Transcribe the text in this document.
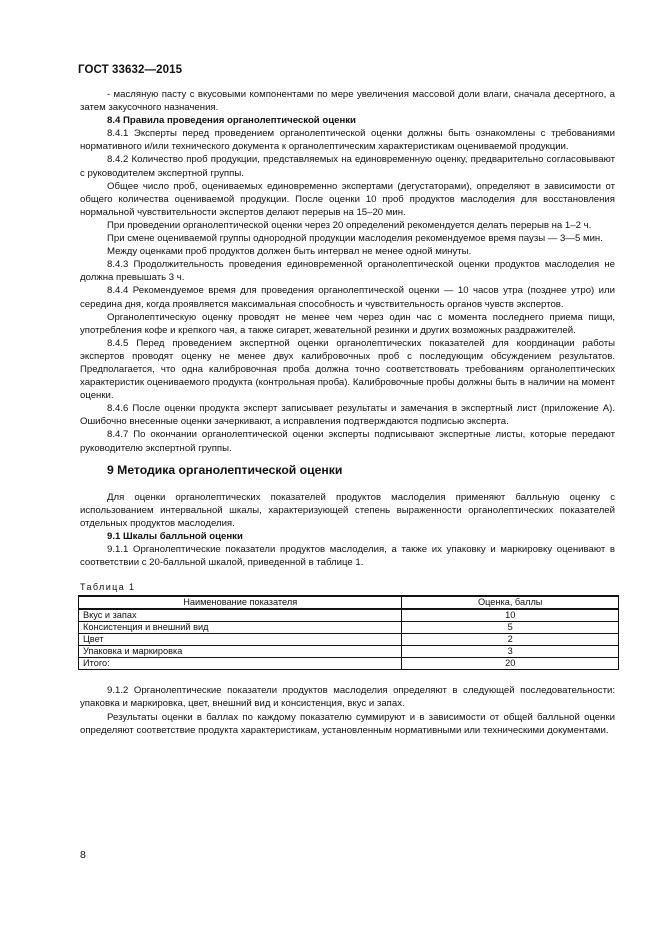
ГОСТ 33632—2015

- масляную пасту с вкусовыми компонентами по мере увеличения массовой доли влаги, сначала десертного, а затем закусочного назначения.

8.4 Правила проведения органолептической оценки

8.4.1 Эксперты перед проведением органолептической оценки должны быть ознакомлены с требованиями нормативного и/или технического документа к органолептическим характеристикам оцениваемой продукции.

8.4.2 Количество проб продукции, представляемых на единовременную оценку, предварительно согласовывают с руководителем экспертной группы.

Общее число проб, оцениваемых единовременно экспертами (дегустаторами), определяют в зависимости от общего количества оцениваемой продукции. После оценки 10 проб продуктов маслоделия для восстановления нормальной чувствительности экспертов делают перерыв на 15–20 мин.

При проведении органолептической оценки через 20 определений рекомендуется делать перерыв на 1–2 ч.

При смене оцениваемой группы однородной продукции маслоделия рекомендуемое время паузы — 3—5 мин.

Между оценками проб продуктов должен быть интервал не менее одной минуты.

8.4.3 Продолжительность проведения единовременной органолептической оценки продуктов маслоделия не должна превышать 3 ч.

8.4.4 Рекомендуемое время для проведения органолептической оценки — 10 часов утра (позднее утро) или середина дня, когда проявляется максимальная способность и чувствительность органов чувств экспертов.

Органолептическую оценку проводят не менее чем через один час с момента последнего приема пищи, употребления кофе и крепкого чая, а также сигарет, жевательной резинки и других возможных раздражителей.

8.4.5 Перед проведением экспертной оценки органолептических показателей для координации работы экспертов проводят оценку не менее двух калибровочных проб с последующим обсуждением результатов. Предполагается, что одна калибровочная проба должна точно соответствовать требованиям органолептических характеристик оцениваемого продукта (контрольная проба). Калибровочные пробы должны быть в наличии на момент оценки.

8.4.6 После оценки продукта эксперт записывает результаты и замечания в экспертный лист (приложение А). Ошибочно внесенные оценки зачеркивают, а исправления подтверждаются подписью эксперта.

8.4.7 По окончании органолептической оценки эксперты подписывают экспертные листы, которые передают руководителю экспертной группы.

9 Методика органолептической оценки

Для оценки органолептических показателей продуктов маслоделия применяют балльную оценку с использованием интервальной шкалы, характеризующей степень выраженности органолептических показателей отдельных продуктов маслоделия.

9.1 Шкалы балльной оценки

9.1.1 Органолептические показатели продуктов маслоделия, а также их упаковку и маркировку оценивают в соответствии с 20-балльной шкалой, приведенной в таблице 1.

Таблица 1
Наименование показателя	Оценка, баллы
Вкус и запах	10
Консистенция и внешний вид	5
Цвет	2
Упаковка и маркировка	3
Итого:	20

9.1.2 Органолептические показатели продуктов маслоделия определяют в следующей последовательности: упаковка и маркировка, цвет, внешний вид и консистенция, вкус и запах.

Результаты оценки в баллах по каждому показателю суммируют и в зависимости от общей балльной оценки определяют соответствие продукта характеристикам, установленным нормативными или техническими документами.

8
